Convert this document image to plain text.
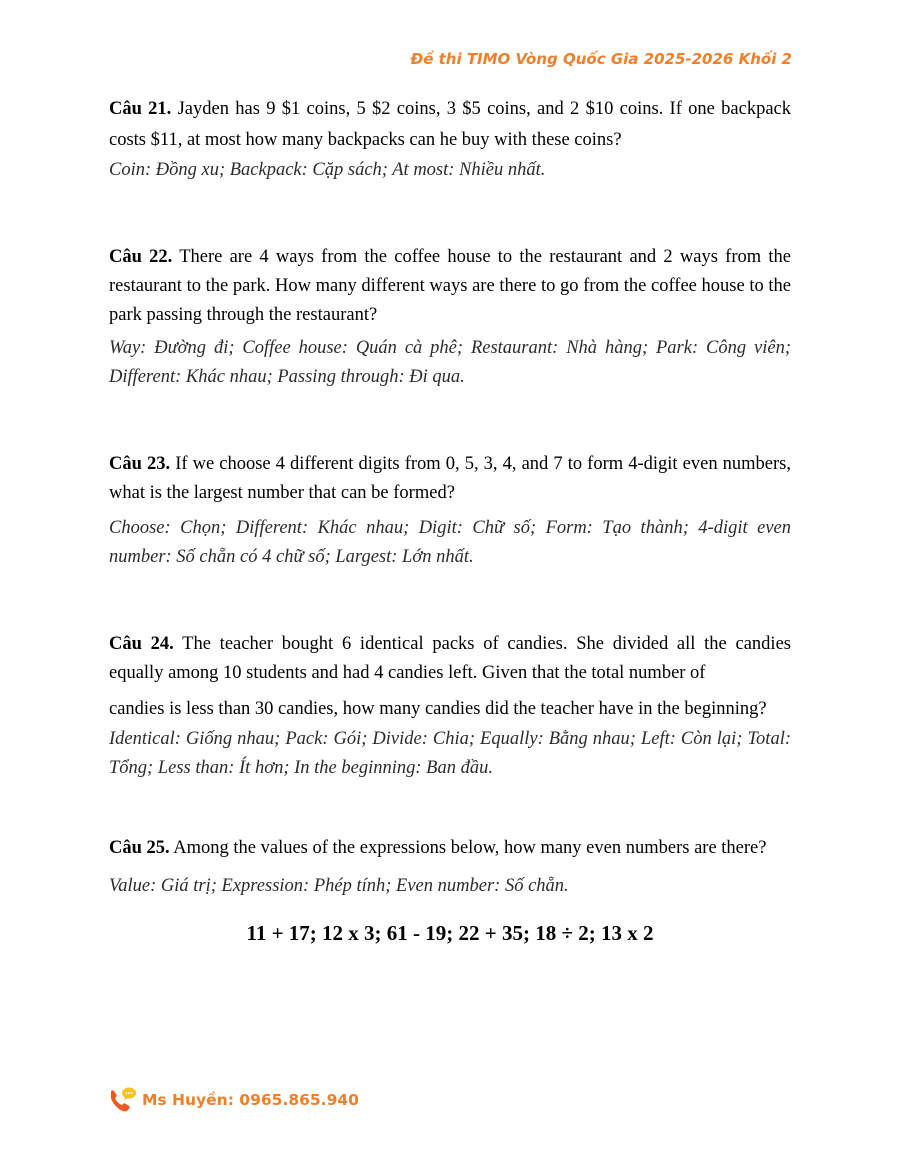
Đề thi TIMO Vòng Quốc Gia 2025-2026 Khối 2

Câu 21. Jayden has 9 $1 coins, 5 $2 coins, 3 $5 coins, and 2 $10 coins. If one backpack costs $11, at most how many backpacks can he buy with these coins?

Coin: Đồng xu; Backpack: Cặp sách; At most: Nhiều nhất.

Câu 22. There are 4 ways from the coffee house to the restaurant and 2 ways from the restaurant to the park. How many different ways are there to go from the coffee house to the park passing through the restaurant?

Way: Đường đi; Coffee house: Quán cà phê; Restaurant: Nhà hàng; Park: Công viên; Different: Khác nhau; Passing through: Đi qua.

Câu 23. If we choose 4 different digits from 0, 5, 3, 4, and 7 to form 4-digit even numbers, what is the largest number that can be formed?

Choose: Chọn; Different: Khác nhau; Digit: Chữ số; Form: Tạo thành; 4-digit even number: Số chẵn có 4 chữ số; Largest: Lớn nhất.

Câu 24. The teacher bought 6 identical packs of candies. She divided all the candies equally among 10 students and had 4 candies left. Given that the total number of

candies is less than 30 candies, how many candies did the teacher have in the beginning?

Identical: Giống nhau; Pack: Gói; Divide: Chia; Equally: Bằng nhau; Left: Còn lại; Total: Tổng; Less than: Ít hơn; In the beginning: Ban đầu.

Câu 25. Among the values of the expressions below, how many even numbers are there?

Value: Giá trị; Expression: Phép tính; Even number: Số chẵn.

11 + 17; 12 x 3; 61 - 19; 22 + 35; 18 ÷ 2; 13 x 2
Ms Huyền: 0965.865.940
